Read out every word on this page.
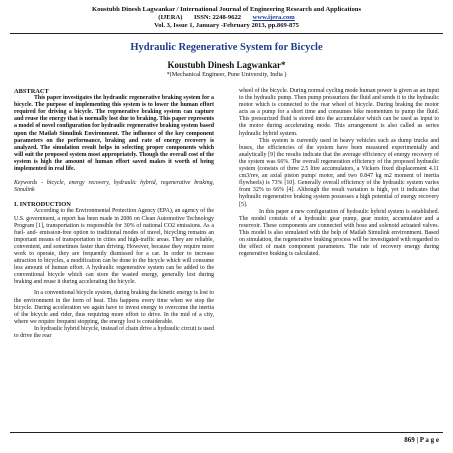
Koustubh Dinesh Lagwankar / International Journal of Engineering Research and Applications
(IJERA) ISSN: 2248-9622 www.ijera.com
Vol. 3, Issue 1, January -February 2013, pp.869-875
Hydraulic Regenerative System for Bicycle
Koustubh Dinesh Lagwankar*
*(Mechanical Engineer, Pune University, India )

ABSTRACT

This paper investigates the hydraulic regenerative braking system for a bicycle. The purpose of implementing this system is to lower the human effort required for driving a bicycle. The regenerative braking system can capture and reuse the energy that is normally lost due to braking. This paper represents a model of novel configuration for hydraulic regenerative braking system based upon the Matlab Simulink Environment. The influence of the key component parameters on the performance, braking and rate of energy recovery is analyzed. The simulation result helps in selecting proper components which will suit the proposed system most appropriately. Though the overall cost of the system is high the amount of human effort saved makes it worth of being implemented in real life.

Keywords - bicycle, energy recovery, hydraulic hybrid, regenerative braking, Simulink

I. INTRODUCTION

According to the Environmental Protection Agency (EPA), an agency of the U.S. government, a report has been made in 2006 on Clean Automotive Technology Program [1], transportation is responsible for 30% of national CO2 emissions. As a fuel- and- emission-free option to traditional modes of travel, bicycling remains an important means of transportation in cities and high-traffic areas. They are reliable, convenient, and sometimes faster than driving. However, because they require more work to operate, they are frequently dismissed for a car. In order to increase attraction to bicycles, a modification can be done to the bicycle which will consume less amount of human effort. A hydraulic regenerative system can be added to the conventional bicycle which can store the wasted energy, generally lost during braking and reuse it during accelerating the bicycle.

In a conventional bicycle system, during braking the kinetic energy is lost to the environment in the form of heat. This happens every time when we stop the bicycle. During acceleration we again have to invest energy to overcome the inertia of the bicycle and rider, thus requiring more effort to drive. In the mid of a city, where we require frequent stopping, the energy lost is considerable.

In hydraulic hybrid bicycle, instead of chain drive a hydraulic circuit is used to drive the rear

wheel of the bicycle. During normal cycling mode human power is given as an input to the hydraulic pump. Then pump pressurizes the fluid and sends it to the hydraulic motor which is connected to the rear wheel of bicycle. During braking the motor acts as a pump for a short time and consumes bike momentum to pump the fluid. This pressurized fluid is stored into the accumulator which can be used as input to the motor during accelerating mode. This arrangement is also called as series hydraulic hybrid system.

This system is currently used in heavy vehicles such as dump trucks and buses, the efficiencies of the system have been measured experimentally and analytically [9] the results indicate that the average efficiency of energy recovery of the system was 66%. The overall regeneration efficiency of the proposed hydraulic system (consists of three 2.5 litre accumulators, a Vickers fixed displacement 4.11 cm3/rev, an axial piston pump/ motor, and two 0.847 kg m2 moment of inertia flywheels) is 73% [10]. Generally overall efficiency of the hydraulic system varies from 32% to 66% [4]. Although the result variation is high, yet it indicates that hydraulic regenerative braking system possesses a high potential of energy recovery [5].

In this paper a new configuration of hydraulic hybrid system is established. The model consists of a hydraulic gear pump, gear motor, accumulator and a reservoir. These components are connected with hose and solenoid actuated valves. This model is also simulated with the help of Matlab Simulink environment. Based on simulation, the regenerative braking process will be investigated with regarded to the effect of main component parameters. The rate of recovery energy during regenerative braking is calculated.

869 | P a g e
